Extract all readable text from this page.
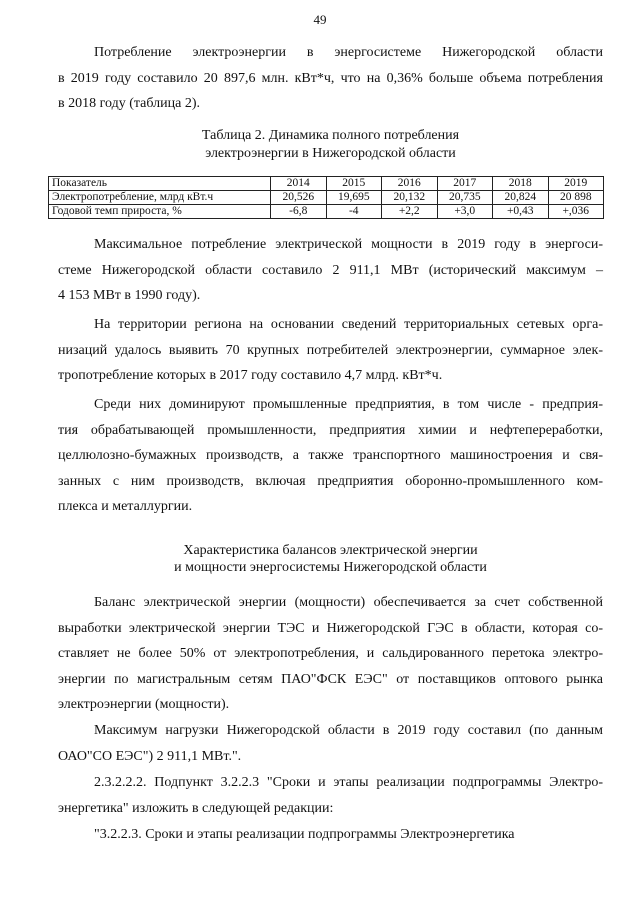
49
Потребление электроэнергии в энергосистеме Нижегородской области
в 2019 году составило 20 897,6 млн. кВт*ч, что на 0,36% больше объема потребления
в 2018 году (таблица 2).
Таблица 2. Динамика полного потребления
электроэнергии в Нижегородской области
Показатель	2014	2015	2016	2017	2018	2019
Электропотребление, млрд кВт.ч	20,526	19,695	20,132	20,735	20,824	20 898
Годовой темп прироста, %	-6,8	-4	+2,2	+3,0	+0,43	+,036
Максимальное потребление электрической мощности в 2019 году в энергоси-
стеме Нижегородской области составило 2 911,1 МВт (исторический максимум –
4 153 МВт в 1990 году).
На территории региона на основании сведений территориальных сетевых орга-
низаций удалось выявить 70 крупных потребителей электроэнергии, суммарное элек-
тропотребление которых в 2017 году составило 4,7 млрд. кВт*ч.
Среди них доминируют промышленные предприятия, в том числе - предприя-
тия обрабатывающей промышленности, предприятия химии и нефтепереработки,
целлюлозно-бумажных производств, а также транспортного машиностроения и свя-
занных с ним производств, включая предприятия оборонно-промышленного ком-
плекса и металлургии.
Характеристика балансов электрической энергии
и мощности энергосистемы Нижегородской области
Баланс электрической энергии (мощности) обеспечивается за счет собственной
выработки электрической энергии ТЭС и Нижегородской ГЭС в области, которая со-
ставляет не более 50% от электропотребления, и сальдированного перетока электро-
энергии по магистральным сетям ПАО"ФСК ЕЭС" от поставщиков оптового рынка
электроэнергии (мощности).
Максимум нагрузки Нижегородской области в 2019 году составил (по данным
ОАО"СО ЕЭС") 2 911,1 МВт.".
2.3.2.2.2. Подпункт 3.2.2.3 "Сроки и этапы реализации подпрограммы Электро-
энергетика" изложить в следующей редакции:
"3.2.2.3. Сроки и этапы реализации подпрограммы Электроэнергетика
